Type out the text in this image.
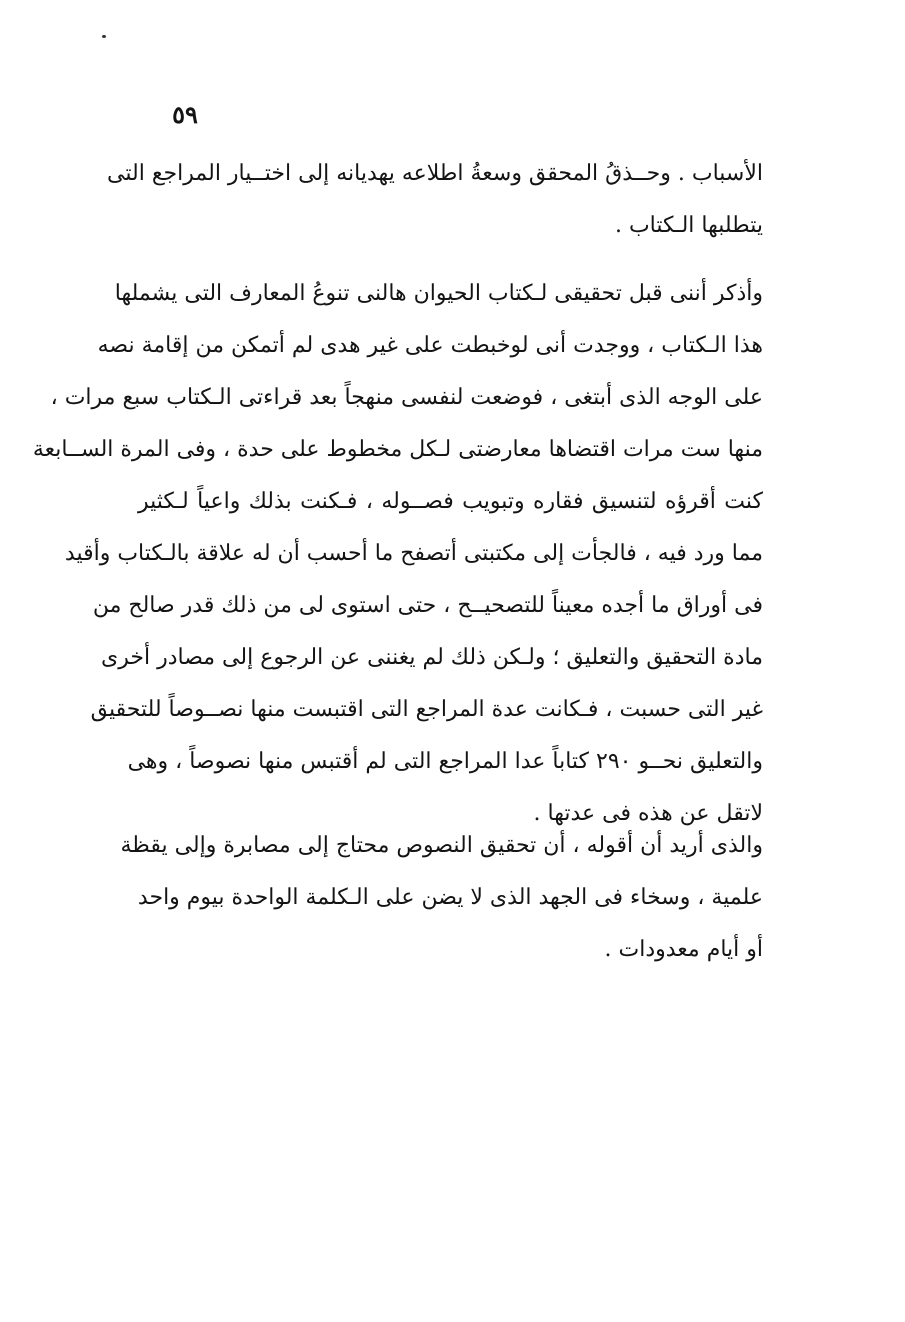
٥٩
الأسباب . وحــذقُ المحقق وسعةُ اطلاعه يهديانه إلى اختــيار المراجع التى
يتطلبها الـكتاب .
وأذكر أننى قبل تحقيقى لـكتاب الحيوان هالنى تنوعُ المعارف التى يشملها
هذا الـكتاب ، ووجدت أنى لوخبطت على غير هدى لم أتمكن من إقامة نصه
على الوجه الذى أبتغى ، فوضعت لنفسى منهجاً بعد قراءتى الـكتاب سبع مرات ،
منها ست مرات اقتضاها معارضتى لـكل مخطوط على حدة ، وفى المرة الســابعة
كنت أقرؤه لتنسيق فقاره وتبويب فصــوله ، فـكنت بذلك واعياً لـكثير
مما ورد فيه ، فالجأت إلى مكتبتى أتصفح ما أحسب أن له علاقة بالـكتاب وأقيد
فى أوراق ما أجده معيناً للتصحيــح ، حتى استوى لى من ذلك قدر صالح من
مادة التحقيق والتعليق ؛ ولـكن ذلك لم يغننى عن الرجوع إلى مصادر أخرى
غير التى حسبت ، فـكانت عدة المراجع التى اقتبست منها نصــوصاً للتحقيق
والتعليق نحــو ٢٩٠ كتاباً عدا المراجع التى لم أقتبس منها نصوصاً ، وهى
لاتقل عن هذه فى عدتها .
والذى أريد أن أقوله ، أن تحقيق النصوص محتاج إلى مصابرة وإلى يقظة
علمية ، وسخاء فى الجهد الذى لا يضن على الـكلمة الواحدة بيوم واحد
أو أيام معدودات .
